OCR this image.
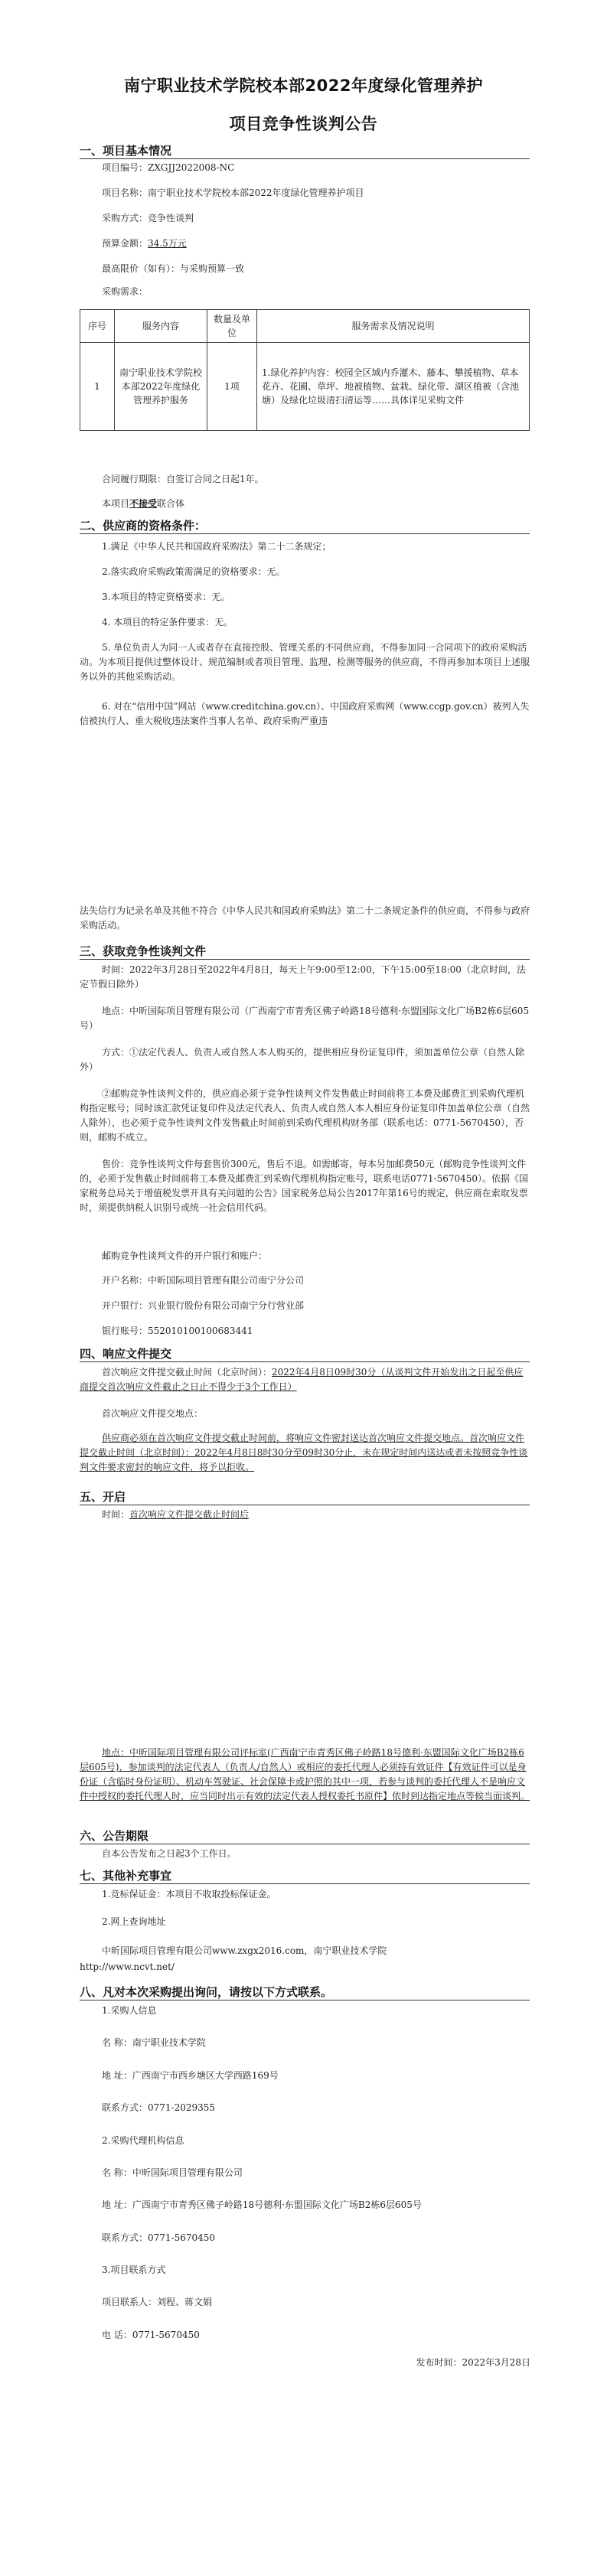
南宁职业技术学院校本部2022年度绿化管理养护
项目竞争性谈判公告
一、项目基本情况
项目编号：ZXGJJ2022008-NC
项目名称：南宁职业技术学院校本部2022年度绿化管理养护项目
采购方式：竞争性谈判
预算金额：34.5万元
最高限价（如有）：与采购预算一致
采购需求：
序号	服务内容	数量及单位	服务需求及情况说明
1	南宁职业技术学院校本部2022年度绿化管理养护服务	1项	1.绿化养护内容：校园全区域内乔灌木、藤本、攀援植物、草本花卉、花圃、草坪、地被植物、盆栽、绿化带、湖区植被（含池塘）及绿化垃圾清扫清运等……具体详见采购文件
合同履行期限：自签订合同之日起1年。
本项目不接受联合体
二、供应商的资格条件：
1.满足《中华人民共和国政府采购法》第二十二条规定；
2.落实政府采购政策需满足的资格要求：无。
3.本项目的特定资格要求：无。
4. 本项目的特定条件要求：无。
5. 单位负责人为同一人或者存在直接控股、管理关系的不同供应商，不得参加同一合同项下的政府采购活动。为本项目提供过整体设计、规范编制或者项目管理、监理、检测等服务的供应商，不得再参加本项目上述服务以外的其他采购活动。
6. 对在“信用中国”网站（www.creditchina.gov.cn）、中国政府采购网（www.ccgp.gov.cn）被列入失信被执行人、重大税收违法案件当事人名单、政府采购严重违
法失信行为记录名单及其他不符合《中华人民共和国政府采购法》第二十二条规定条件的供应商，不得参与政府采购活动。
三、获取竞争性谈判文件
时间：2022年3月28日至2022年4月8日，每天上午9:00至12:00，下午15:00至18:00（北京时间，法定节假日除外）
地点：中昕国际项目管理有限公司（广西南宁市青秀区佛子岭路18号德利·东盟国际文化广场B2栋6层605号）
方式：①法定代表人、负责人或自然人本人购买的，提供相应身份证复印件，须加盖单位公章（自然人除外）
②邮购竞争性谈判文件的，供应商必须于竞争性谈判文件发售截止时间前将工本费及邮费汇到采购代理机构指定账号；同时该汇款凭证复印件及法定代表人、负责人或自然人本人相应身份证复印件加盖单位公章（自然人除外），也必须于竞争性谈判文件发售截止时间前到采购代理机构财务部（联系电话：0771-5670450），否则，邮购不成立。
售价：竞争性谈判文件每套售价300元，售后不退。如需邮寄，每本另加邮费50元（邮购竞争性谈判文件的，必须于发售截止时间前将工本费及邮费汇到采购代理机构指定账号，联系电话0771-5670450）。依据《国家税务总局关于增值税发票开具有关问题的公告》国家税务总局公告2017年第16号的规定，供应商在索取发票时，须提供纳税人识别号或统一社会信用代码。
邮购竞争性谈判文件的开户银行和账户：
开户名称：中昕国际项目管理有限公司南宁分公司
开户银行：兴业银行股份有限公司南宁分行营业部
银行账号：552010100100683441
四、响应文件提交
首次响应文件提交截止时间（北京时间）：2022年4月8日09时30分（从谈判文件开始发出之日起至供应商提交首次响应文件截止之日止不得少于3个工作日）
首次响应文件提交地点：
供应商必须在首次响应文件提交截止时间前，将响应文件密封送达首次响应文件提交地点。首次响应文件提交截止时间（北京时间）：2022年4月8日8时30分至09时30分止，未在规定时间内送达或者未按照竞争性谈判文件要求密封的响应文件，将予以拒收。
五、开启
时间：首次响应文件提交截止时间后
地点：中昕国际项目管理有限公司评标室(广西南宁市青秀区佛子岭路18号德利·东盟国际文化广场B2栋6层605号)，参加谈判的法定代表人（负责人/自然人）或相应的委托代理人必须持有效证件【有效证件可以是身份证（含临时身份证明）、机动车驾驶证、社会保障卡或护照的其中一项，若参与谈判的委托代理人不是响应文件中授权的委托代理人时，应当同时出示有效的法定代表人授权委托书原件】依时到达指定地点等候当面谈判。
六、公告期限
自本公告发布之日起3个工作日。
七、其他补充事宜
1.竞标保证金：本项目不收取投标保证金。
2.网上查询地址
中昕国际项目管理有限公司www.zxgx2016.com，南宁职业技术学院
http://www.ncvt.net/
八、凡对本次采购提出询问，请按以下方式联系。
1.采购人信息
名 称：南宁职业技术学院
地 址：广西南宁市西乡塘区大学西路169号
联系方式：0771-2029355
2.采购代理机构信息
名 称：中昕国际项目管理有限公司
地 址：广西南宁市青秀区佛子岭路18号德利·东盟国际文化广场B2栋6层605号
联系方式：0771-5670450
3.项目联系方式
项目联系人：刘程、蒋文娟
电 话：0771-5670450
发布时间：2022年3月28日
